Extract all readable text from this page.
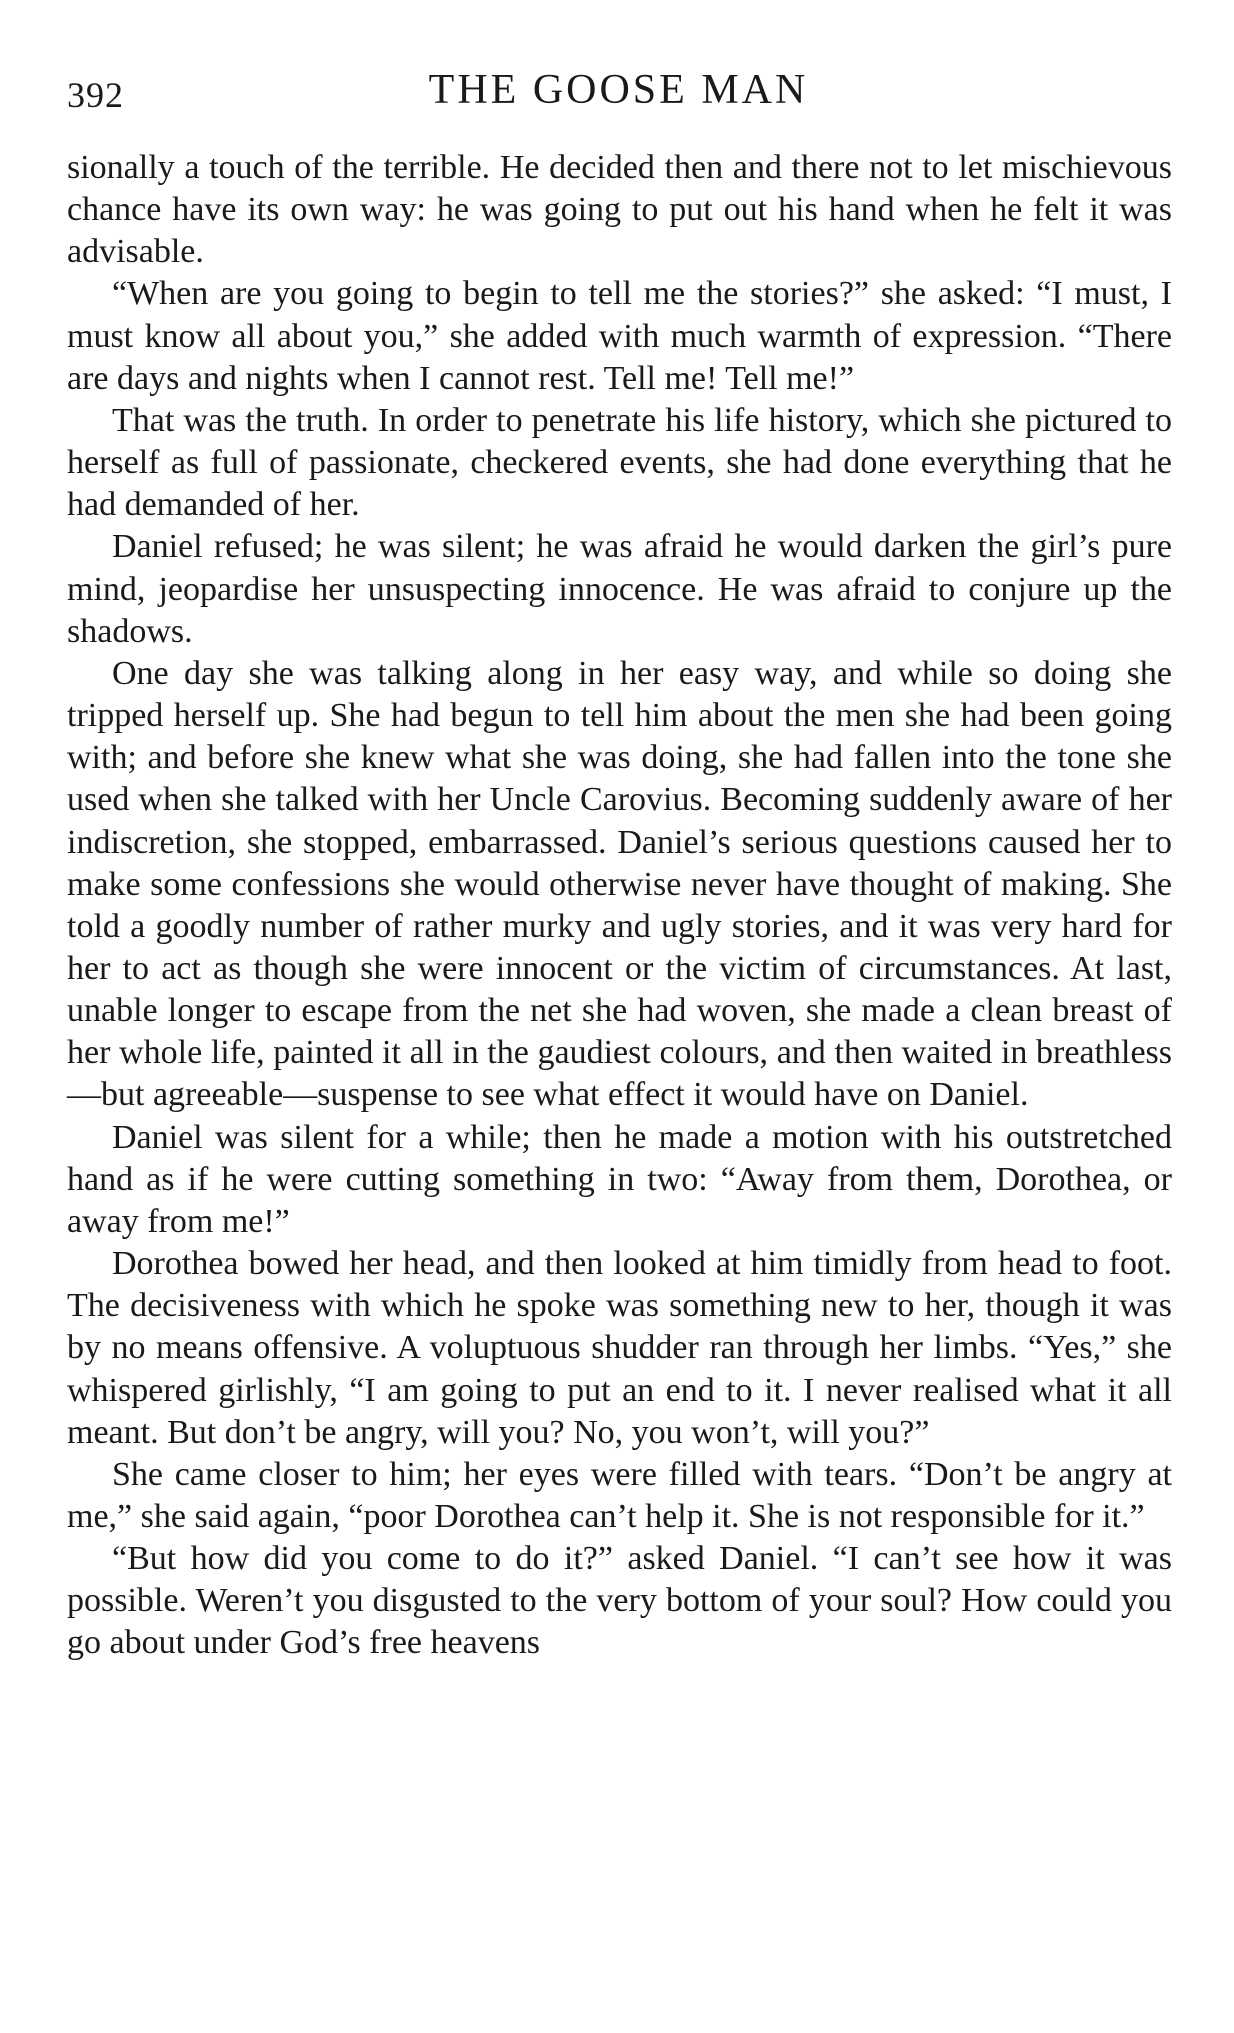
392	THE GOOSE MAN

sionally a touch of the terrible. He decided then and there not to let mischievous chance have its own way: he was going to put out his hand when he felt it was advisable.

“When are you going to begin to tell me the stories?” she asked: “I must, I must know all about you,” she added with much warmth of expression. “There are days and nights when I cannot rest. Tell me! Tell me!”

That was the truth. In order to penetrate his life history, which she pictured to herself as full of passionate, checkered events, she had done everything that he had demanded of her.

Daniel refused; he was silent; he was afraid he would darken the girl’s pure mind, jeopardise her unsuspecting innocence. He was afraid to conjure up the shadows.

One day she was talking along in her easy way, and while so doing she tripped herself up. She had begun to tell him about the men she had been going with; and before she knew what she was doing, she had fallen into the tone she used when she talked with her Uncle Carovius. Becoming suddenly aware of her indiscretion, she stopped, embarrassed. Daniel’s serious questions caused her to make some confessions she would otherwise never have thought of making. She told a goodly number of rather murky and ugly stories, and it was very hard for her to act as though she were innocent or the victim of circumstances. At last, unable longer to escape from the net she had woven, she made a clean breast of her whole life, painted it all in the gaudiest colours, and then waited in breathless—but agreeable—suspense to see what effect it would have on Daniel.

Daniel was silent for a while; then he made a motion with his outstretched hand as if he were cutting something in two: “Away from them, Dorothea, or away from me!”

Dorothea bowed her head, and then looked at him timidly from head to foot. The decisiveness with which he spoke was something new to her, though it was by no means offensive. A voluptuous shudder ran through her limbs. “Yes,” she whispered girlishly, “I am going to put an end to it. I never realised what it all meant. But don’t be angry, will you? No, you won’t, will you?”

She came closer to him; her eyes were filled with tears. “Don’t be angry at me,” she said again, “poor Dorothea can’t help it. She is not responsible for it.”

“But how did you come to do it?” asked Daniel. “I can’t see how it was possible. Weren’t you disgusted to the very bottom of your soul? How could you go about under God’s free heavens
